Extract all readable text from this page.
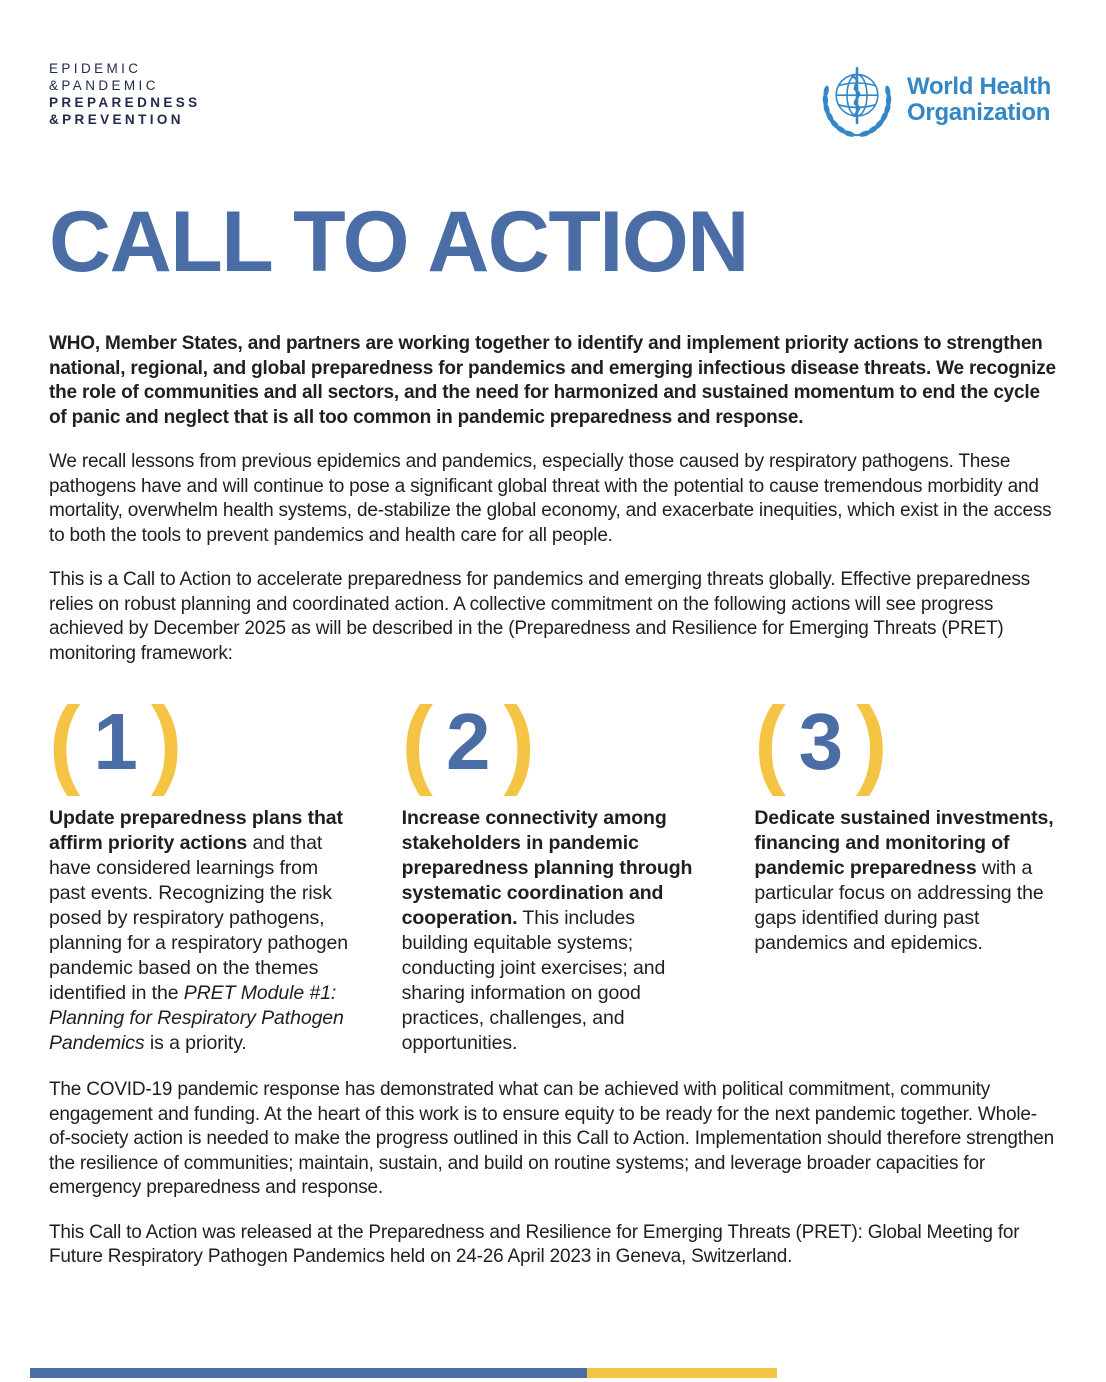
EPIDEMIC
&PANDEMIC
PREPAREDNESS
&PREVENTION
World Health
Organization
CALL TO ACTION

WHO, Member States, and partners are working together to identify and implement priority actions to strengthen national, regional, and global preparedness for pandemics and emerging infectious disease threats. We recognize the role of communities and all sectors, and the need for harmonized and sustained momentum to end the cycle of panic and neglect that is all too common in pandemic preparedness and response.

We recall lessons from previous epidemics and pandemics, especially those caused by respiratory pathogens. These pathogens have and will continue to pose a significant global threat with the potential to cause tremendous morbidity and mortality, overwhelm health systems, de-stabilize the global economy, and exacerbate inequities, which exist in the access to both the tools to prevent pandemics and health care for all people.

This is a Call to Action to accelerate preparedness for pandemics and emerging threats globally. Effective preparedness relies on robust planning and coordinated action. A collective commitment on the following actions will see progress achieved by December 2025 as will be described in the (Preparedness and Resilience for Emerging Threats (PRET) monitoring framework:

( 1 )
Update preparedness plans that affirm priority actions and that have considered learnings from past events. Recognizing the risk posed by respiratory pathogens, planning for a respiratory pathogen pandemic based on the themes identified in the PRET Module #1: Planning for Respiratory Pathogen Pandemics is a priority.
( 2 )
Increase connectivity among stakeholders in pandemic preparedness planning through systematic coordination and cooperation. This includes building equitable systems; conducting joint exercises; and sharing information on good practices, challenges, and opportunities.
( 3 )
Dedicate sustained investments, financing and monitoring of pandemic preparedness with a particular focus on addressing the gaps identified during past pandemics and epidemics.

The COVID-19 pandemic response has demonstrated what can be achieved with political commitment, community engagement and funding. At the heart of this work is to ensure equity to be ready for the next pandemic together. Whole-of-society action is needed to make the progress outlined in this Call to Action. Implementation should therefore strengthen the resilience of communities; maintain, sustain, and build on routine systems; and leverage broader capacities for emergency preparedness and response.

This Call to Action was released at the Preparedness and Resilience for Emerging Threats (PRET): Global Meeting for Future Respiratory Pathogen Pandemics held on 24-26 April 2023 in Geneva, Switzerland.
